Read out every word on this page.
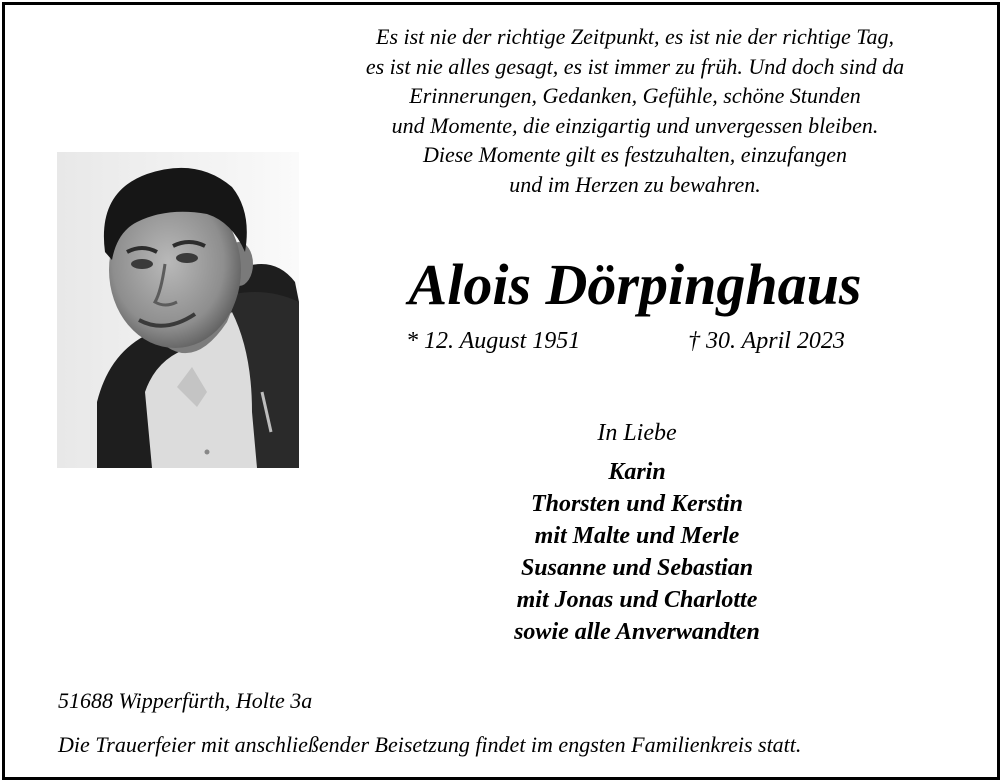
Es ist nie der richtige Zeitpunkt, es ist nie der richtige Tag,
es ist nie alles gesagt, es ist immer zu früh. Und doch sind da
Erinnerungen, Gedanken, Gefühle, schöne Stunden
und Momente, die einzigartig und unvergessen bleiben.
Diese Momente gilt es festzuhalten, einzufangen
und im Herzen zu bewahren.
Alois Dörpinghaus
* 12. August 1951	† 30. April 2023
In Liebe
Karin
Thorsten und Kerstin
mit Malte und Merle
Susanne und Sebastian
mit Jonas und Charlotte
sowie alle Anverwandten
51688 Wipperfürth, Holte 3a
Die Trauerfeier mit anschließender Beisetzung findet im engsten Familienkreis statt.
